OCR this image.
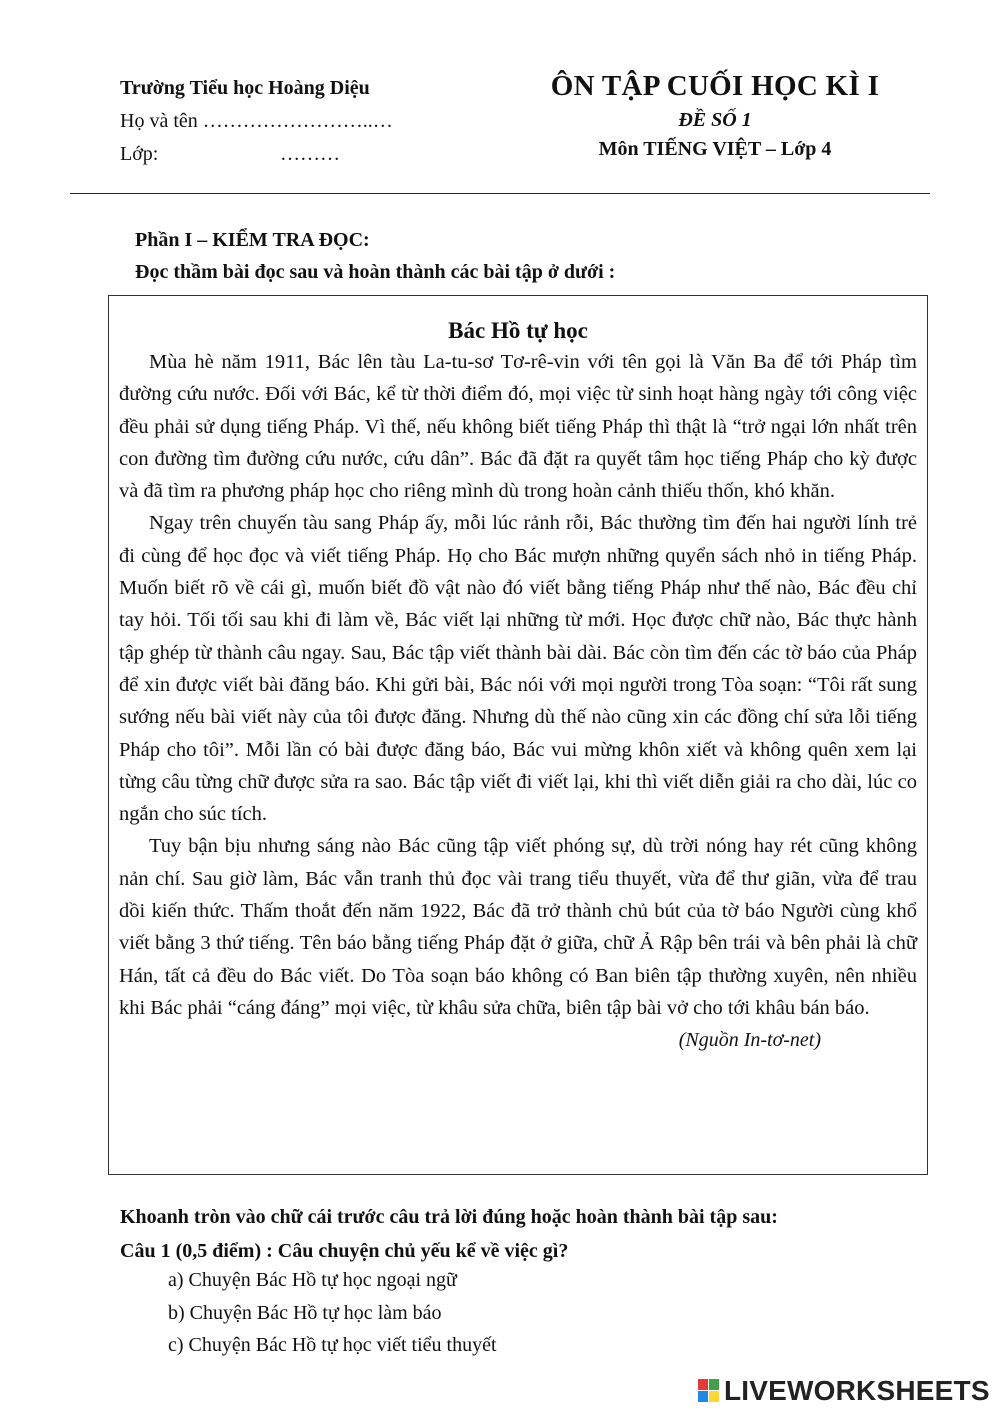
Trường Tiểu học Hoàng Diệu
Họ và tên ……………………..…
Lớp:	………
ÔN TẬP CUỐI HỌC KÌ I
ĐỀ SỐ 1
Môn TIẾNG VIỆT – Lớp 4
Phần I – KIỂM TRA ĐỌC:
Đọc thầm bài đọc sau và hoàn thành các bài tập ở dưới :
Bác Hồ tự học

Mùa hè năm 1911, Bác lên tàu La-tu-sơ Tơ-rê-vin với tên gọi là Văn Ba để tới Pháp tìm đường cứu nước. Đối với Bác, kể từ thời điểm đó, mọi việc từ sinh hoạt hàng ngày tới công việc đều phải sử dụng tiếng Pháp. Vì thế, nếu không biết tiếng Pháp thì thật là “trở ngại lớn nhất trên con đường tìm đường cứu nước, cứu dân”. Bác đã đặt ra quyết tâm học tiếng Pháp cho kỳ được và đã tìm ra phương pháp học cho riêng mình dù trong hoàn cảnh thiếu thốn, khó khăn.

Ngay trên chuyến tàu sang Pháp ấy, mỗi lúc rảnh rỗi, Bác thường tìm đến hai người lính trẻ đi cùng để học đọc và viết tiếng Pháp. Họ cho Bác mượn những quyển sách nhỏ in tiếng Pháp. Muốn biết rõ về cái gì, muốn biết đồ vật nào đó viết bằng tiếng Pháp như thế nào, Bác đều chỉ tay hỏi. Tối tối sau khi đi làm về, Bác viết lại những từ mới. Học được chữ nào, Bác thực hành tập ghép từ thành câu ngay. Sau, Bác tập viết thành bài dài. Bác còn tìm đến các tờ báo của Pháp để xin được viết bài đăng báo. Khi gửi bài, Bác nói với mọi người trong Tòa soạn: “Tôi rất sung sướng nếu bài viết này của tôi được đăng. Nhưng dù thế nào cũng xin các đồng chí sửa lỗi tiếng Pháp cho tôi”. Mỗi lần có bài được đăng báo, Bác vui mừng khôn xiết và không quên xem lại từng câu từng chữ được sửa ra sao. Bác tập viết đi viết lại, khi thì viết diễn giải ra cho dài, lúc co ngắn cho súc tích.

Tuy bận bịu nhưng sáng nào Bác cũng tập viết phóng sự, dù trời nóng hay rét cũng không nản chí. Sau giờ làm, Bác vẫn tranh thủ đọc vài trang tiểu thuyết, vừa để thư giãn, vừa để trau dồi kiến thức. Thấm thoắt đến năm 1922, Bác đã trở thành chủ bút của tờ báo Người cùng khổ viết bằng 3 thứ tiếng. Tên báo bằng tiếng Pháp đặt ở giữa, chữ Ả Rập bên trái và bên phải là chữ Hán, tất cả đều do Bác viết. Do Tòa soạn báo không có Ban biên tập thường xuyên, nên nhiều khi Bác phải “cáng đáng” mọi việc, từ khâu sửa chữa, biên tập bài vở cho tới khâu bán báo.

(Nguồn In-tơ-net)
Khoanh tròn vào chữ cái trước câu trả lời đúng hoặc hoàn thành bài tập sau:
Câu 1 (0,5 điểm) : Câu chuyện chủ yếu kể về việc gì?
a) Chuyện Bác Hồ tự học ngoại ngữ
b) Chuyện Bác Hồ tự học làm báo
c) Chuyện Bác Hồ tự học viết tiểu thuyết
LIVEWORKSHEETS
